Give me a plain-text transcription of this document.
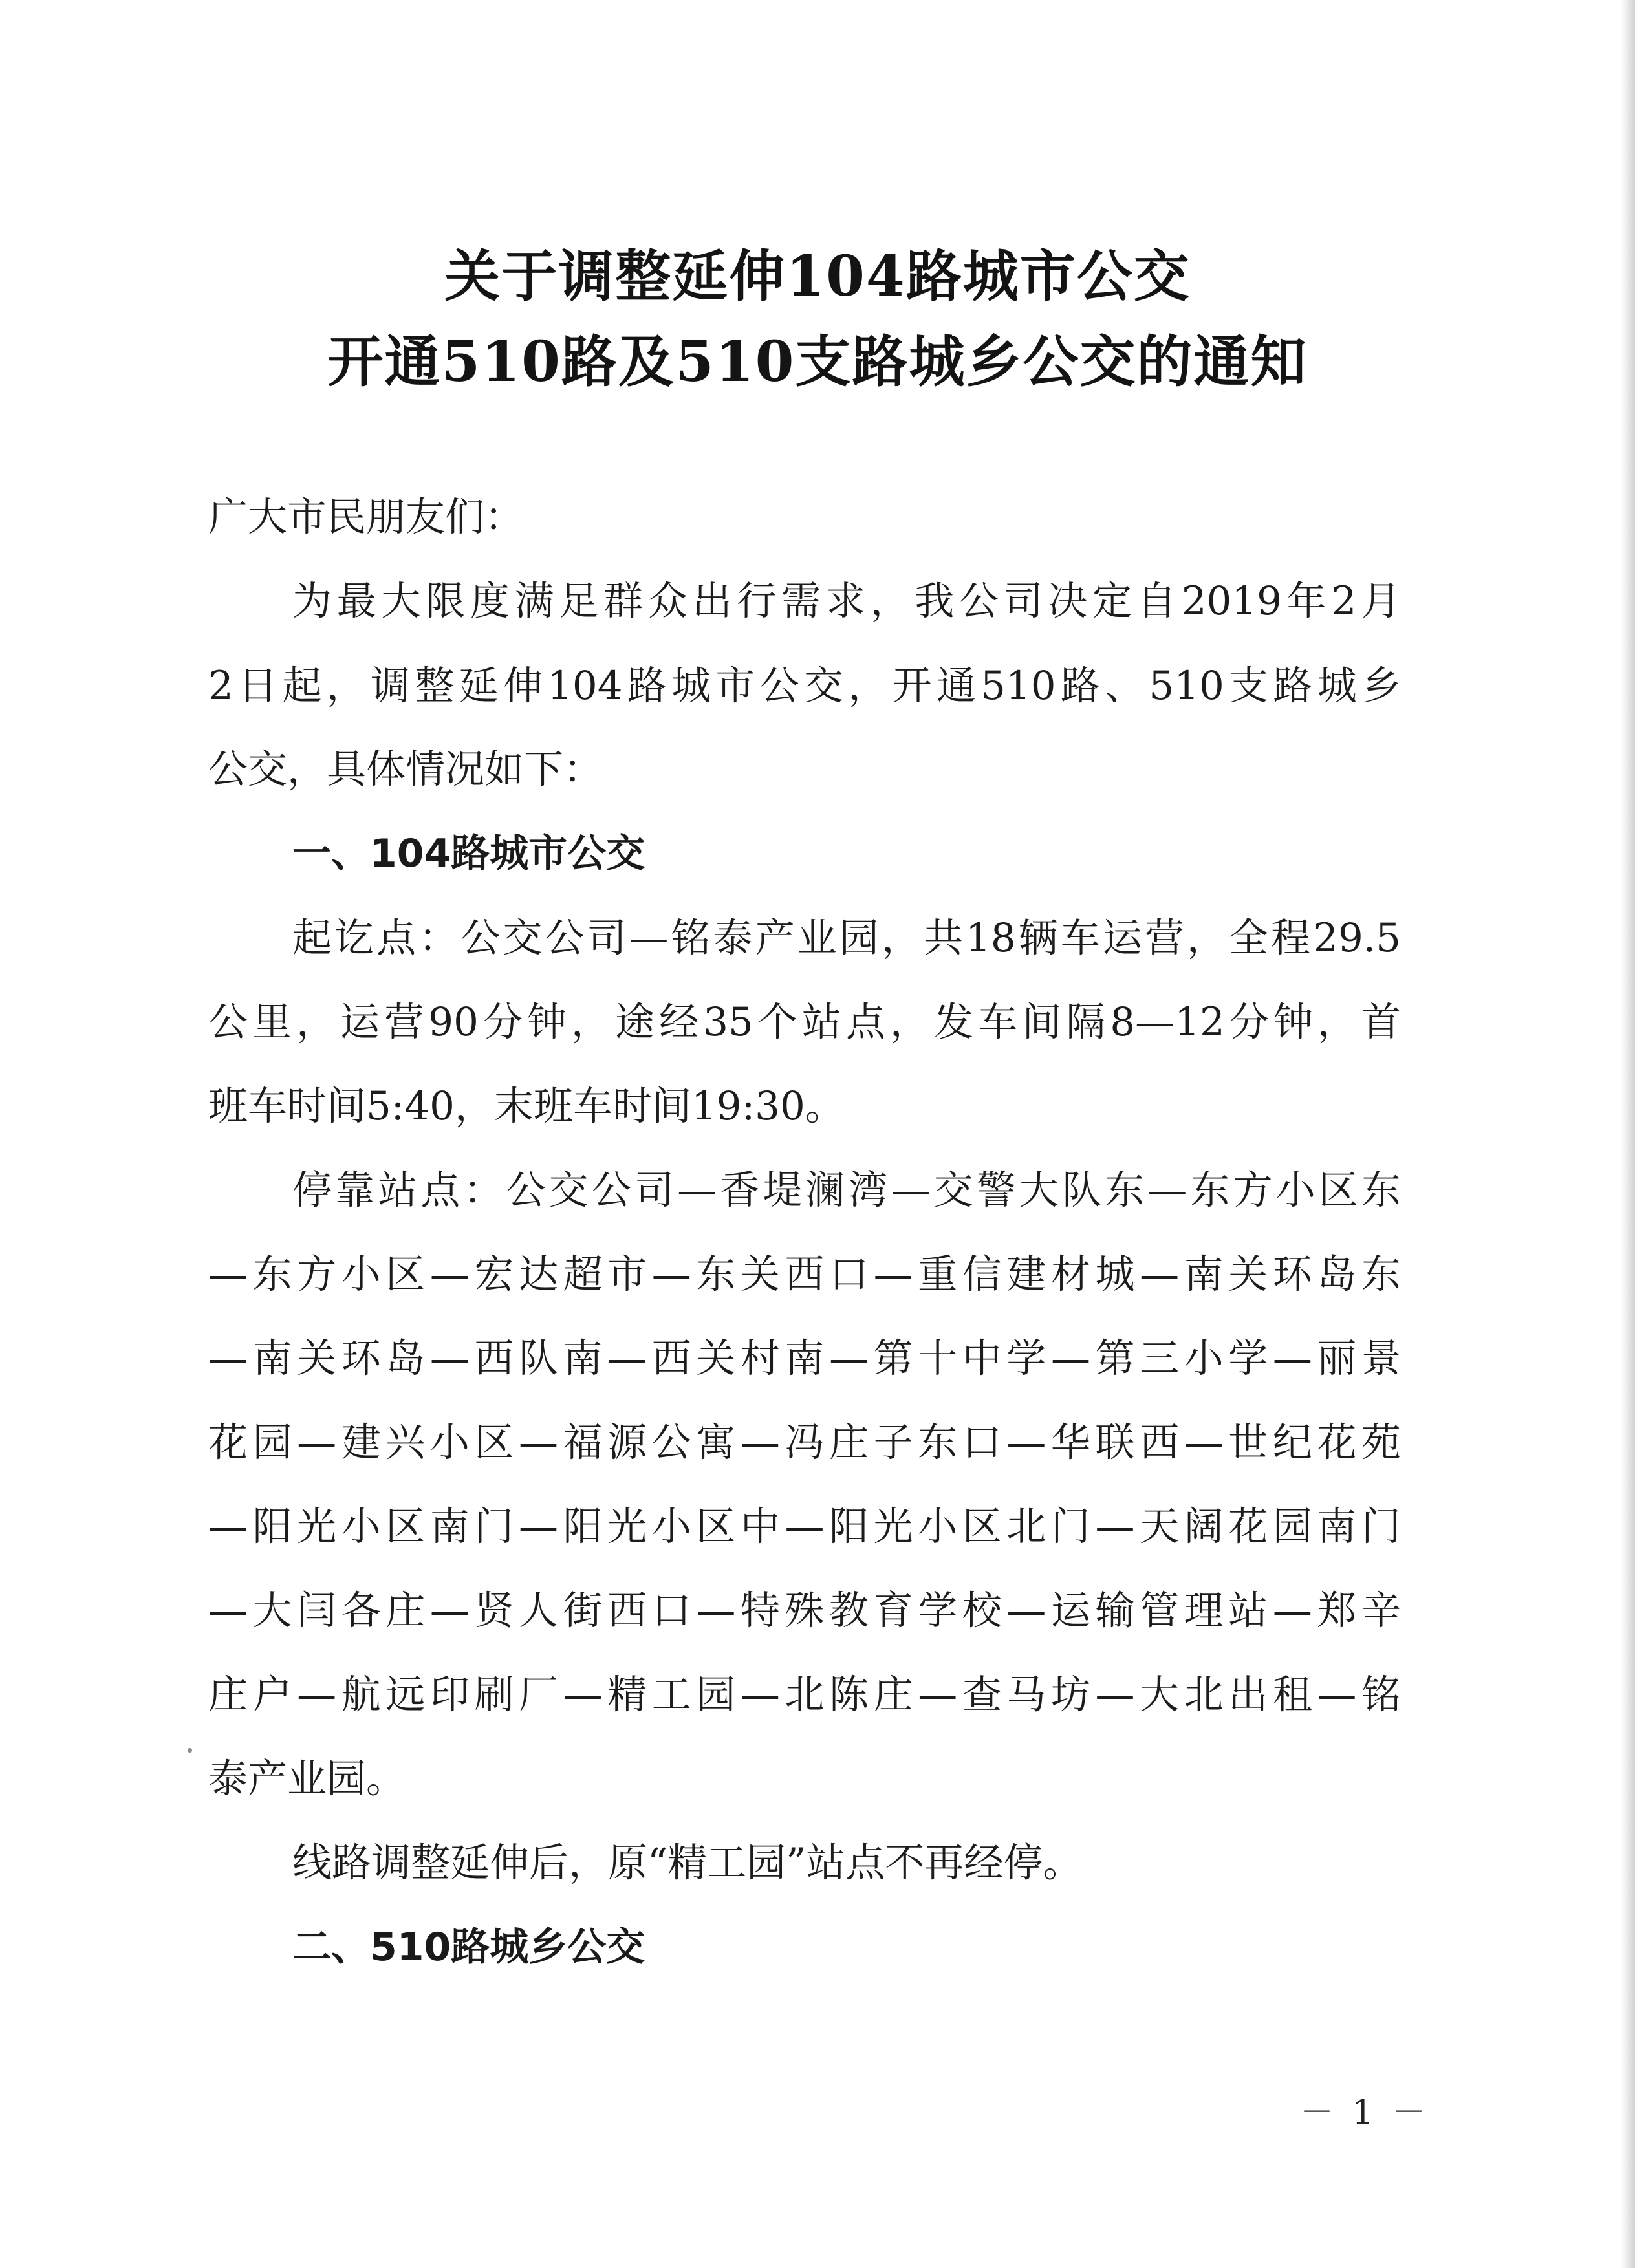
关于调整延伸104路城市公交
开通510路及510支路城乡公交的通知
广大市民朋友们：
为最大限度满足群众出行需求，我公司决定自2019年2月
2日起，调整延伸104路城市公交，开通510路、510支路城乡
公交，具体情况如下：
一、104路城市公交
起讫点：公交公司—铭泰产业园，共18辆车运营，全程29.5
公里，运营90分钟，途经35个站点，发车间隔8—12分钟，首
班车时间5:40，末班车时间19:30。
停靠站点：公交公司—香堤澜湾—交警大队东—东方小区东
—东方小区—宏达超市—东关西口—重信建材城—南关环岛东
—南关环岛—西队南—西关村南—第十中学—第三小学—丽景
花园—建兴小区—福源公寓—冯庄子东口—华联西—世纪花苑
—阳光小区南门—阳光小区中—阳光小区北门—天阔花园南门
—大闫各庄—贤人街西口—特殊教育学校—运输管理站—郑辛
庄户—航远印刷厂—精工园—北陈庄—查马坊—大北出租—铭
泰产业园。
线路调整延伸后，原“精工园”站点不再经停。
二、510路城乡公交
－ 1 －
